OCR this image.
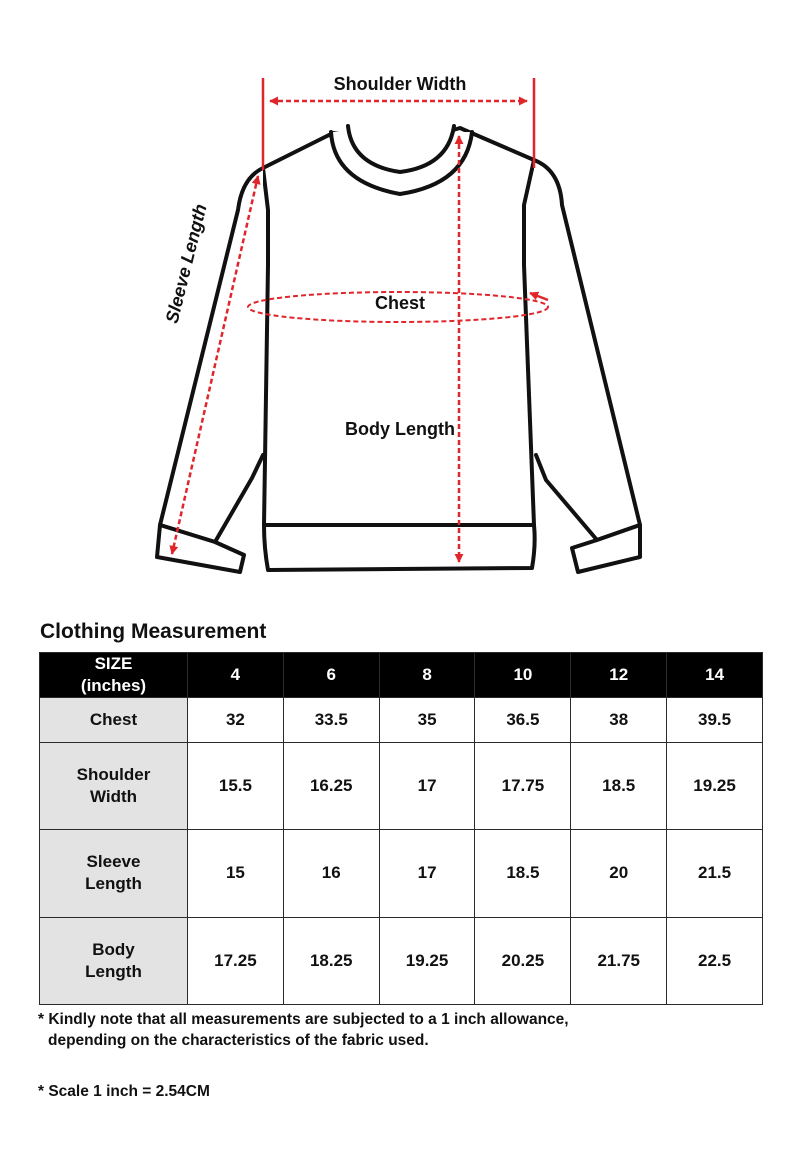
Shoulder Width
Sleeve Length	Chest
Body Length
Clothing Measurement
SIZE
(inches)	4	6	8	10	12	14
Chest	32	33.5	35	36.5	38	39.5
Shoulder
Width	15.5	16.25	17	17.75	18.5	19.25
Sleeve
Length	15	16	17	18.5	20	21.5
Body
Length	17.25	18.25	19.25	20.25	21.75	22.5

* Kindly note that all measurements are subjected to a 1 inch allowance,

depending on the characteristics of the fabric used.

* Scale 1 inch = 2.54CM
